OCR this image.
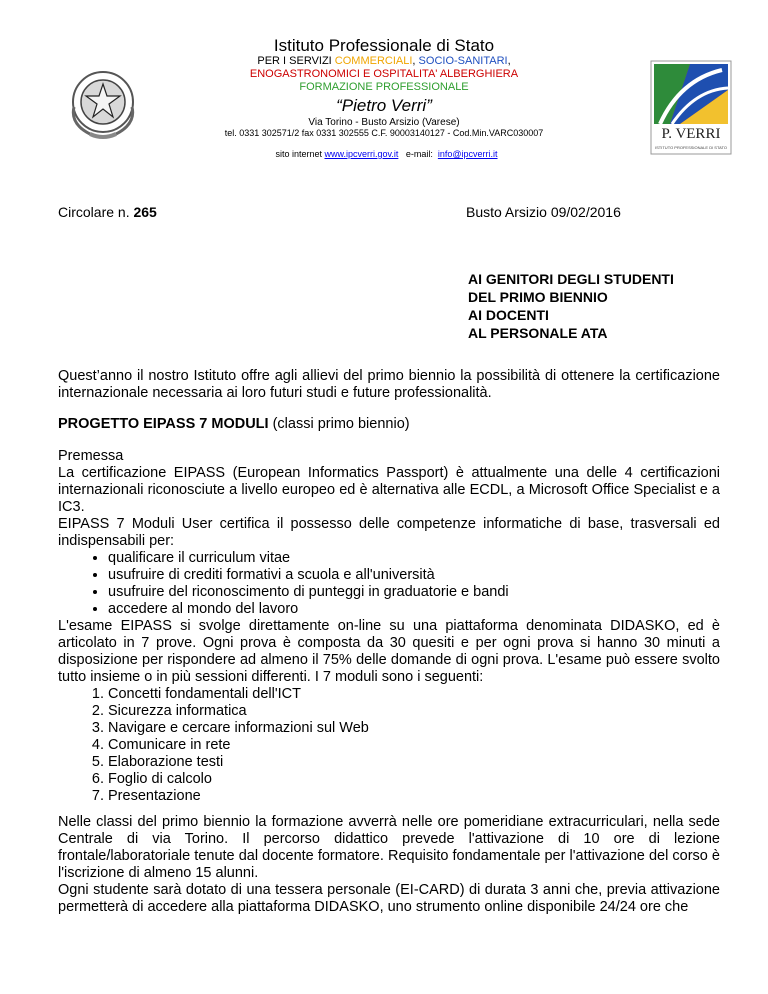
Istituto Professionale di Stato
PER I SERVIZI COMMERCIALI, SOCIO-SANITARI,
ENOGASTRONOMICI E OSPITALITA' ALBERGHIERA
FORMAZIONE PROFESSIONALE
“Pietro Verri”
Via Torino - Busto Arsizio (Varese)
tel. 0331 302571/2 fax 0331 302555 C.F. 90003140127 - Cod.Min.VARC030007

sito internet www.ipcverri.gov.it   e-mail:  info@ipcverri.it

P. VERRI
ISTITUTO PROFESSIONALE DI STATO
Circolare n. 265	Busto Arsizio 09/02/2016
AI GENITORI DEGLI STUDENTI
DEL PRIMO BIENNIO
AI DOCENTI
AL PERSONALE ATA
Quest’anno il nostro Istituto offre agli allievi del primo biennio la possibilità di ottenere la certificazione internazionale necessaria ai loro futuri studi e future professionalità.
PROGETTO EIPASS 7 MODULI (classi primo biennio)
Premessa
La certificazione EIPASS (European Informatics Passport) è attualmente una delle 4 certificazioni internazionali riconosciute a livello europeo ed è alternativa alle ECDL, a Microsoft Office Specialist e a IC3.
EIPASS 7 Moduli User certifica il possesso delle competenze informatiche di base, trasversali ed indispensabili per:
• qualificare il curriculum vitae
• usufruire di crediti formativi a scuola e all'università
• usufruire del riconoscimento di punteggi in graduatorie e bandi
• accedere al mondo del lavoro
L'esame EIPASS si svolge direttamente on-line su una piattaforma denominata DIDASKO, ed è articolato in 7 prove. Ogni prova è composta da 30 quesiti e per ogni prova si hanno 30 minuti a disposizione per rispondere ad almeno il 75% delle domande di ogni prova. L'esame può essere svolto tutto insieme o in più sessioni differenti. I 7 moduli sono i seguenti:
1. Concetti fondamentali dell'ICT
2. Sicurezza informatica
3. Navigare e cercare informazioni sul Web
4. Comunicare in rete
5. Elaborazione testi
6. Foglio di calcolo
7. Presentazione
Nelle classi del primo biennio la formazione avverrà nelle ore pomeridiane extracurriculari, nella sede Centrale di via Torino. Il percorso didattico prevede l'attivazione di 10 ore di lezione frontale/laboratoriale tenute dal docente formatore. Requisito fondamentale per l'attivazione del corso è l'iscrizione di almeno 15 alunni.
Ogni studente sarà dotato di una tessera personale (EI-CARD) di durata 3 anni che, previa attivazione permetterà di accedere alla piattaforma DIDASKO, uno strumento online disponibile 24/24 ore che
